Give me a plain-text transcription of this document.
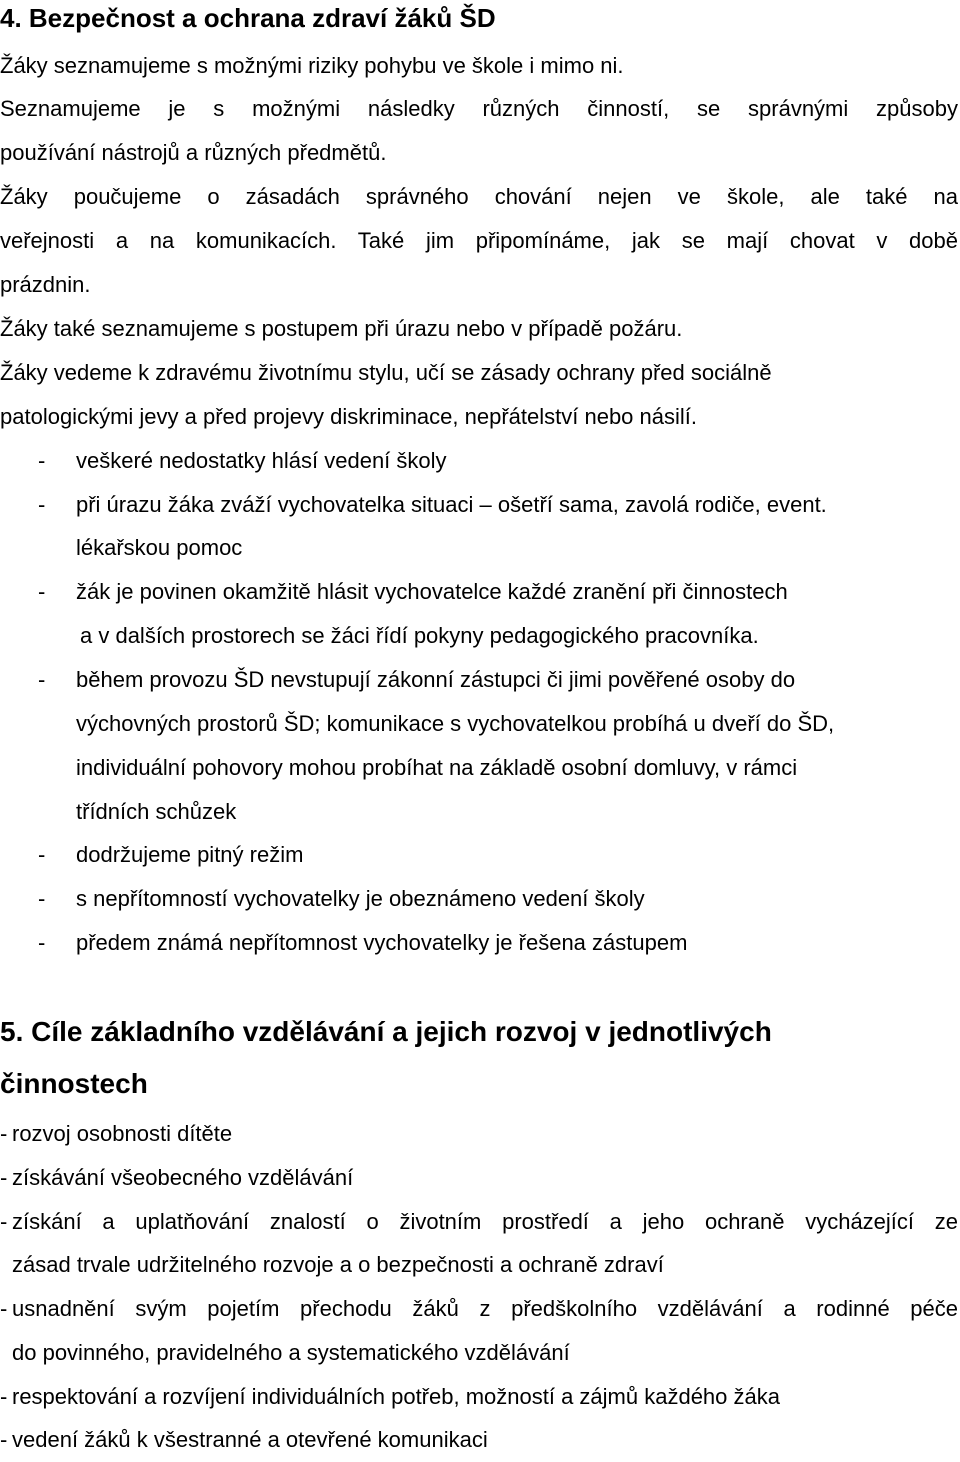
4. Bezpečnost a ochrana zdraví žáků ŠD
Žáky seznamujeme s možnými riziky pohybu ve škole i mimo ni.
Seznamujeme je s možnými následky různých činností, se správnými způsoby
používání nástrojů a různých předmětů.
Žáky poučujeme o zásadách správného chování nejen ve škole, ale také na
veřejnosti a na komunikacích. Také jim připomínáme, jak se mají chovat v době
prázdnin.
Žáky také seznamujeme s postupem při úrazu nebo v případě požáru.
Žáky vedeme k zdravému životnímu stylu, učí se zásady ochrany před sociálně
patologickými jevy a před projevy diskriminace, nepřátelství nebo násilí.
- veškeré nedostatky hlásí vedení školy
- při úrazu žáka zváží vychovatelka situaci – ošetří sama, zavolá rodiče, event.
lékařskou pomoc
- žák je povinen okamžitě hlásit vychovatelce každé zranění při činnostech
a v dalších prostorech se žáci řídí pokyny pedagogického pracovníka.
- během provozu ŠD nevstupují zákonní zástupci či jimi pověřené osoby do
výchovných prostorů ŠD; komunikace s vychovatelkou probíhá u dveří do ŠD,
individuální pohovory mohou probíhat na základě osobní domluvy, v rámci
třídních schůzek
- dodržujeme pitný režim
- s nepřítomností vychovatelky je obeznámeno vedení školy
- předem známá nepřítomnost vychovatelky je řešena zástupem
5. Cíle základního vzdělávání a jejich rozvoj v jednotlivých
činnostech
- rozvoj osobnosti dítěte
- získávání všeobecného vzdělávání
- získání a uplatňování znalostí o životním prostředí a jeho ochraně vycházející ze
zásad trvale udržitelného rozvoje a o bezpečnosti a ochraně zdraví
- usnadnění svým pojetím přechodu žáků z předškolního vzdělávání a rodinné péče
do povinného, pravidelného a systematického vzdělávání
- respektování a rozvíjení individuálních potřeb, možností a zájmů každého žáka
- vedení žáků k všestranné a otevřené komunikaci
